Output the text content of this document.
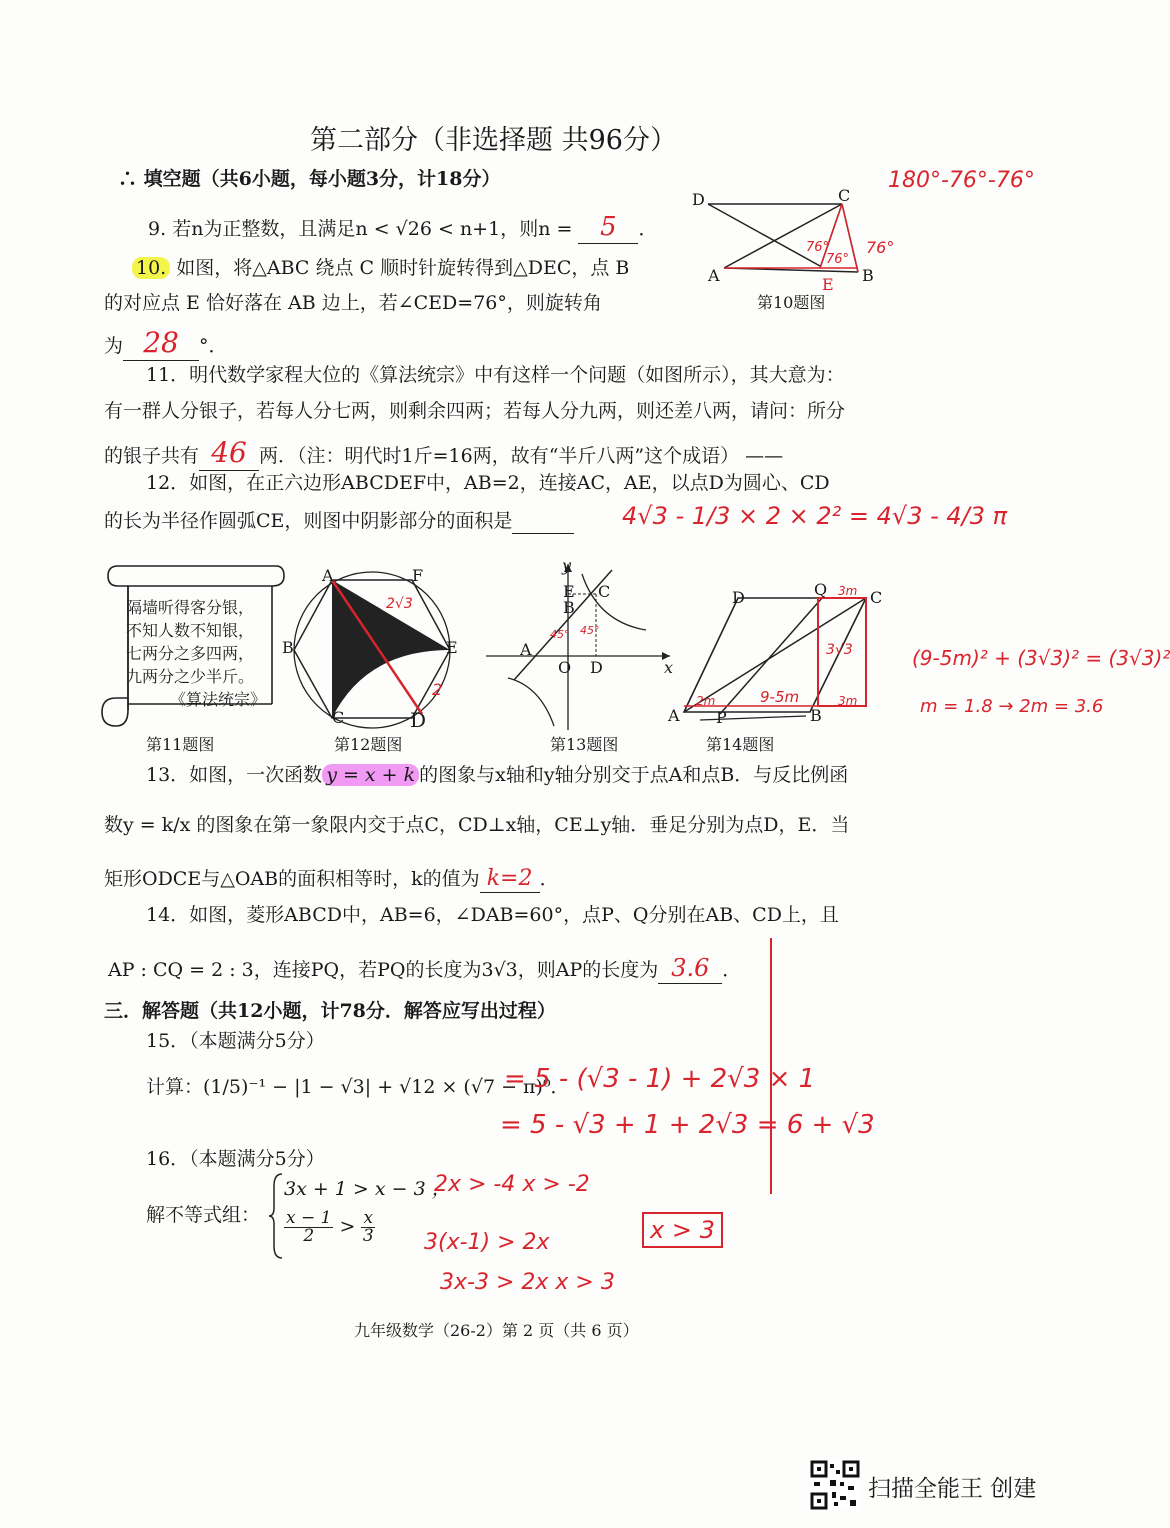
第二部分（非选择题 共96分）
∴ 填空题（共6小题，每小题3分，计18分）
9. 若n为正整数，且满足n < √26 < n+1，则n = 5 ．
10. 如图，将△ABC 绕点 C 顺时针旋转得到△DEC，点 B
的对应点 E 恰好落在 AB 边上，若∠CED=76°，则旋转角
为 28 °．
D	C
A	E B
第10题图
76°
76°
76°
180°-76°-76°
11．明代数学家程大位的《算法统宗》中有这样一个问题（如图所示），其大意为：
有一群人分银子，若每人分七两，则剩余四两；若每人分九两，则还差八两，请问：所分
的银子共有 46 两．（注：明代时1斤=16两，故有“半斤八两”这个成语） ——
12．如图，在正六边形ABCDEF中，AB=2，连接AC，AE，以点D为圆心、CD
的长为半径作圆弧CE，则图中阴影部分的面积是	4√3 - 1/3 × 2 × 2² = 4√3 - 4/3 π
隔墙听得客分银，
不知人数不知银，
七两分之多四两，
九两分之少半斤。
《算法统宗》
第11题图
A	F
B	E
C	D
2√3
2
第12题图
y
E C
B
A
O D	x
45° 45°
第13题图
D	Q	C
A P	B
3m
3√3
2m	9-5m	3m
第14题图
(9-5m)² + (3√3)² = (3√3)²
m = 1.8 → 2m = 3.6
13．如图，一次函数 y = x + k 的图象与x轴和y轴分别交于点A和点B．与反比例函
数y = k/x 的图象在第一象限内交于点C，CD⊥x轴，CE⊥y轴．垂足分别为点D，E．当
矩形ODCE与△OAB的面积相等时，k的值为 k=2 ．
14．如图，菱形ABCD中，AB=6，∠DAB=60°，点P、Q分别在AB、CD上，且
AP : CQ = 2 : 3，连接PQ，若PQ的长度为3√3，则AP的长度为 3.6 ．
三．解答题（共12小题，计78分．解答应写出过程）
15．（本题满分5分）
计算：(1/5)⁻¹ − |1 − √3| + √12 × (√7 − π)⁰．
= 5 - (√3 - 1) + 2√3 × 1
= 5 - √3 + 1 + 2√3 = 6 + √3
16．（本题满分5分）
解不等式组：
3x + 1 > x − 3 ，
$\frac{x - 1}{2} > \frac{x}{3}$
2x > -4 x > -2
3(x-1) > 2x
3x-3 > 2x x > 3
x > 3
九年级数学（26-2）第 2 页（共 6 页）
扫描全能王 创建
